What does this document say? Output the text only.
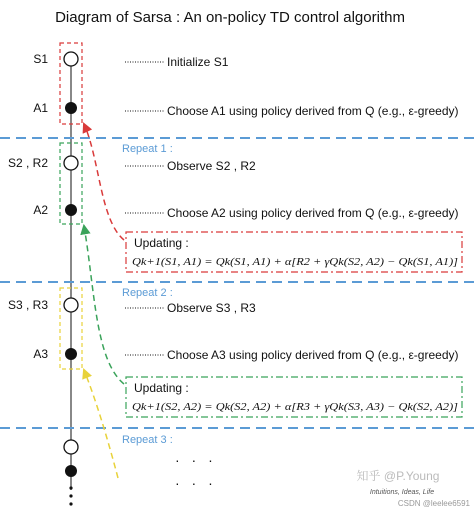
Diagram of Sarsa : An on-policy TD control algorithm
Repeat 1 :
Repeat 2 :
Repeat 3 :
S1
A1
S2 , R2
A2
S3 , R3
A3
Initialize S1
Choose A1 using policy derived from Q (e.g., ε-greedy)
Observe S2 , R2
Choose A2 using policy derived from Q (e.g., ε-greedy)
Observe S3 , R3
Choose A3 using policy derived from Q (e.g., ε-greedy)
Updating :
Qk+1(S1, A1) = Qk(S1, A1) + α[R2 + γQk(S2, A2) − Qk(S1, A1)]
Updating :
Qk+1(S2, A2) = Qk(S2, A2) + α[R3 + γQk(S3, A3) − Qk(S2, A2)]
· · ·
· · ·	知乎 @P.Young
Intuitions, Ideas, Life
CSDN @leelee6591
